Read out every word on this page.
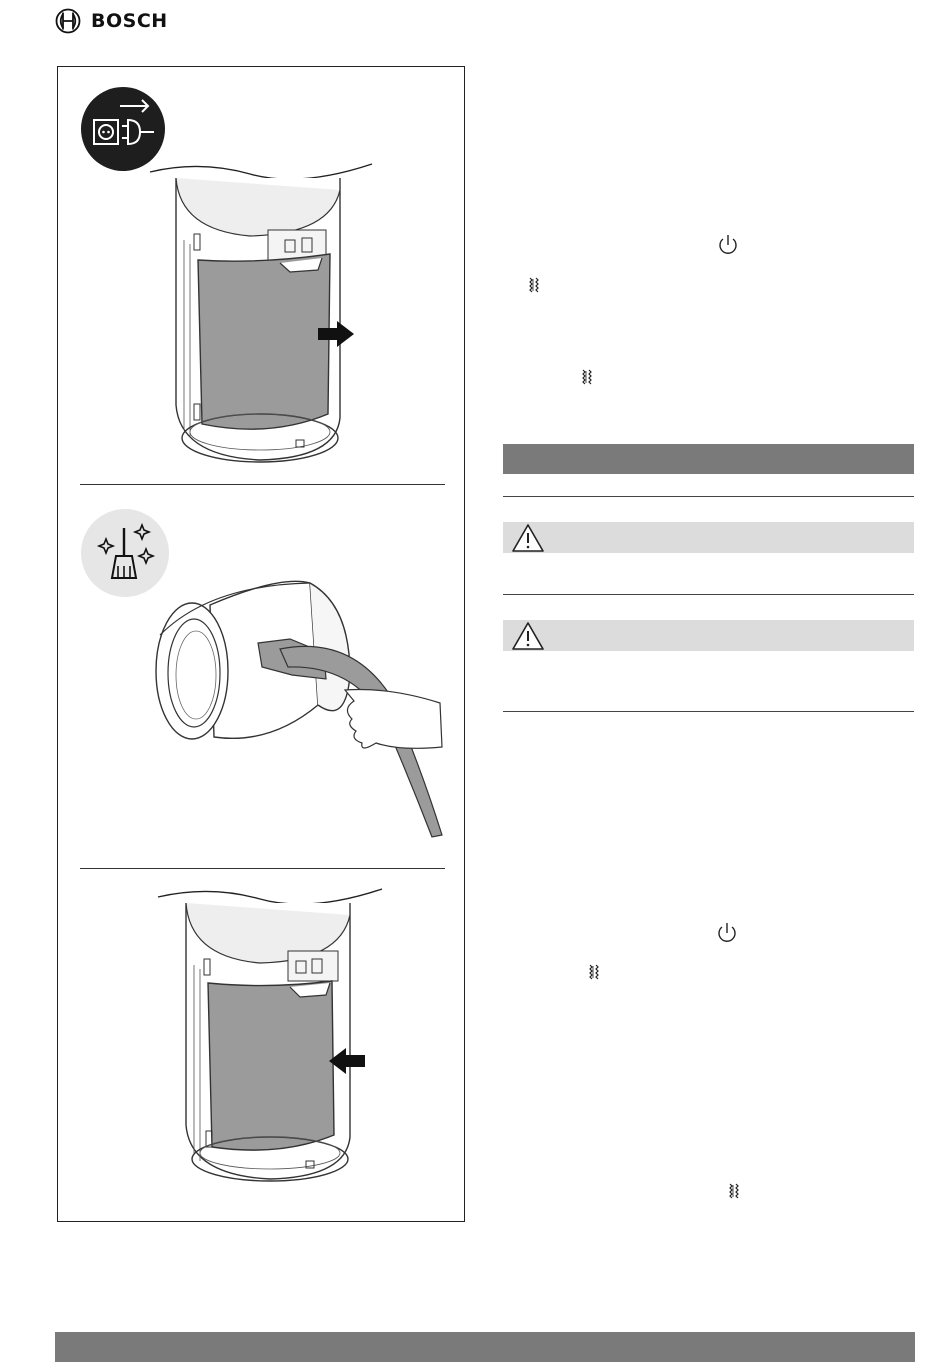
BOSCH
